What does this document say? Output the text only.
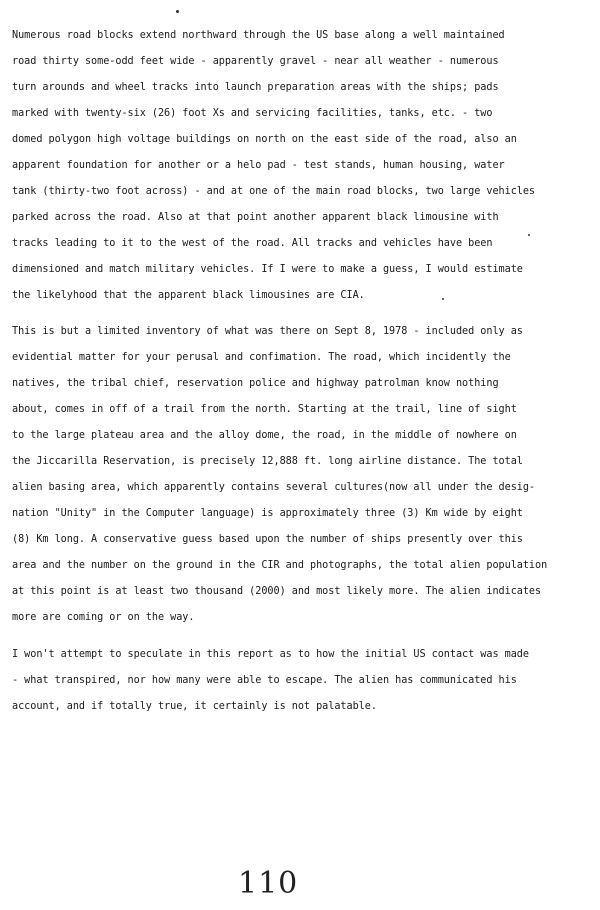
Numerous road blocks extend northward through the US base along a well maintained
road thirty some-odd feet wide - apparently gravel - near all weather - numerous
turn arounds and wheel tracks into launch preparation areas with the ships; pads
marked with twenty-six (26) foot Xs and servicing facilities, tanks, etc. - two
domed polygon high voltage buildings on north on the east side of the road, also an
apparent foundation for another or a helo pad - test stands, human housing, water
tank (thirty-two foot across) - and at one of the main road blocks, two large vehicles
parked across the road. Also at that point another apparent black limousine with
tracks leading to it to the west of the road. All tracks and vehicles have been
dimensioned and match military vehicles. If I were to make a guess, I would estimate
the likelyhood that the apparent black limousines are CIA.
This is but a limited inventory of what was there on Sept 8, 1978 - included only as
evidential matter for your perusal and confimation. The road, which incidently the
natives, the tribal chief, reservation police and highway patrolman know nothing
about, comes in off of a trail from the north. Starting at the trail, line of sight
to the large plateau area and the alloy dome, the road, in the middle of nowhere on
the Jiccarilla Reservation, is precisely 12,888 ft. long airline distance. The total
alien basing area, which apparently contains several cultures(now all under the desig-
nation "Unity" in the Computer language) is approximately three (3) Km wide by eight
(8) Km long. A conservative guess based upon the number of ships presently over this
area and the number on the ground in the CIR and photographs, the total alien population
at this point is at least two thousand (2000) and most likely more. The alien indicates
more are coming or on the way.
I won't attempt to speculate in this report as to how the initial US contact was made
- what transpired, nor how many were able to escape. The alien has communicated his
account, and if totally true, it certainly is not palatable.
110
